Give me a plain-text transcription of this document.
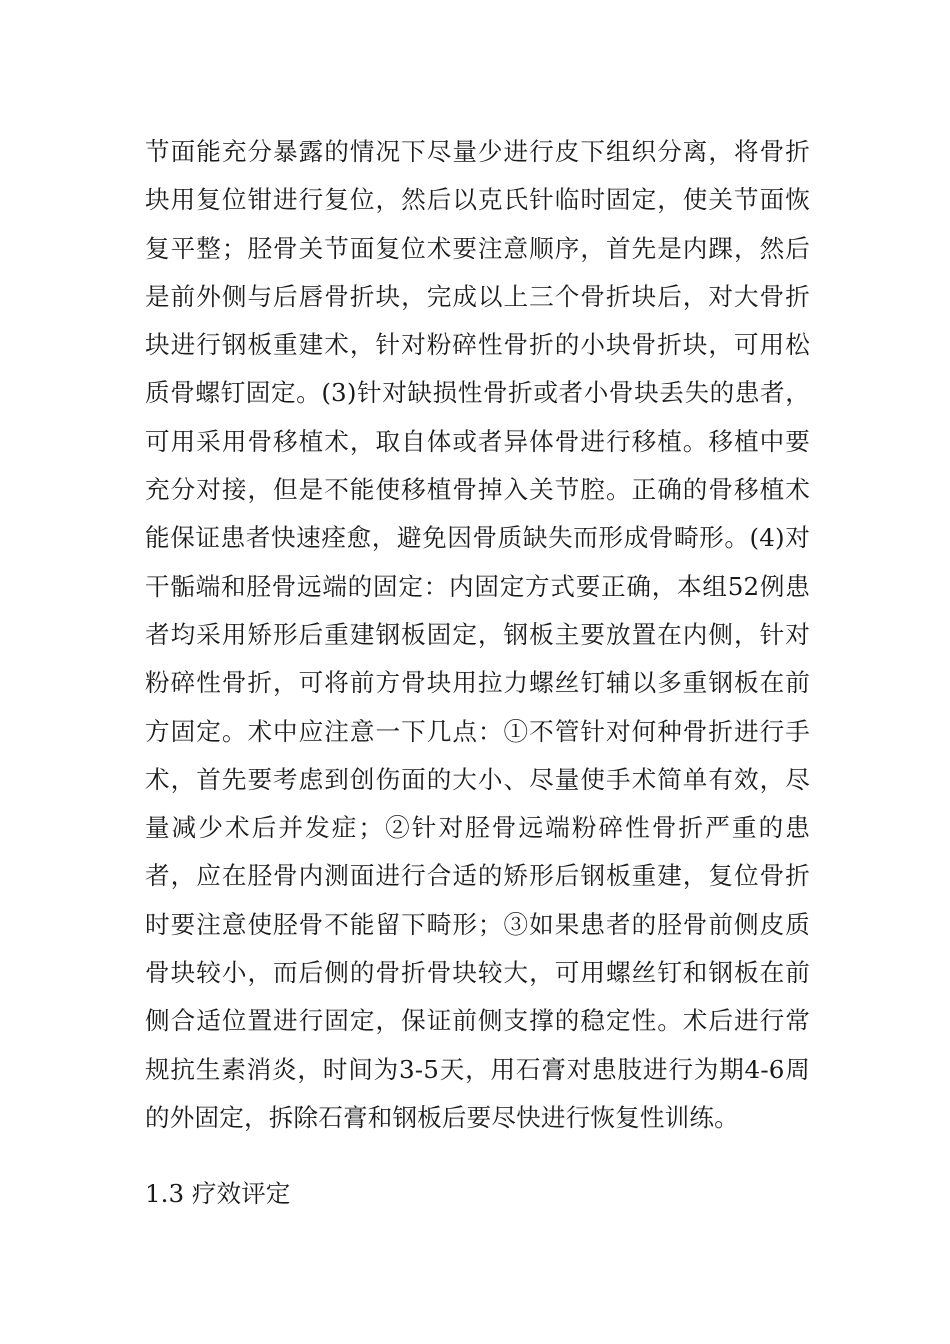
节面能充分暴露的情况下尽量少进行皮下组织分离，将骨折块用复位钳进行复位，然后以克氏针临时固定，使关节面恢复平整；胫骨关节面复位术要注意顺序，首先是内踝，然后是前外侧与后唇骨折块，完成以上三个骨折块后，对大骨折块进行钢板重建术，针对粉碎性骨折的小块骨折块，可用松质骨螺钉固定。(3)针对缺损性骨折或者小骨块丢失的患者，可用采用骨移植术，取自体或者异体骨进行移植。移植中要充分对接，但是不能使移植骨掉入关节腔。正确的骨移植术能保证患者快速痊愈，避免因骨质缺失而形成骨畸形。(4)对干骺端和胫骨远端的固定：内固定方式要正确，本组52例患者均采用矫形后重建钢板固定，钢板主要放置在内侧，针对粉碎性骨折，可将前方骨块用拉力螺丝钉辅以多重钢板在前方固定。术中应注意一下几点：①不管针对何种骨折进行手术，首先要考虑到创伤面的大小、尽量使手术简单有效，尽量减少术后并发症；②针对胫骨远端粉碎性骨折严重的患者，应在胫骨内测面进行合适的矫形后钢板重建，复位骨折时要注意使胫骨不能留下畸形；③如果患者的胫骨前侧皮质骨块较小，而后侧的骨折骨块较大，可用螺丝钉和钢板在前侧合适位置进行固定，保证前侧支撑的稳定性。术后进行常规抗生素消炎，时间为3-5天，用石膏对患肢进行为期4-6周的外固定，拆除石膏和钢板后要尽快进行恢复性训练。

1.3 疗效评定
